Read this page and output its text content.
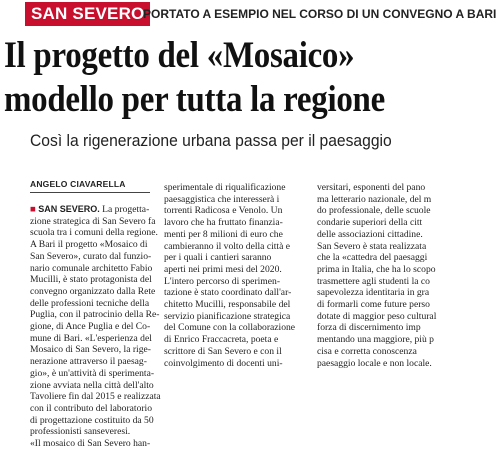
SAN SEVERO
PORTATO A ESEMPIO NEL CORSO DI UN CONVEGNO A BARI
Il progetto del «Mosaico»
modello per tutta la regione
Così la rigenerazione urbana passa per il paesaggio
ANGELO CIAVARELLA
■ SAN SEVERO. La progetta-
zione strategica di San Severo fa
scuola tra i comuni della regione.
A Bari il progetto «Mosaico di
San Severo», curato dal funzio-
nario comunale architetto Fabio
Mucilli, è stato protagonista del
convegno organizzato dalla Rete
delle professioni tecniche della
Puglia, con il patrocinio della Re-
gione, di Ance Puglia e del Co-
mune di Bari. «L'esperienza del
Mosaico di San Severo, la rige-
nerazione attraverso il paesag-
gio», è un'attività di sperimenta-
zione avviata nella città dell'alto
Tavoliere fin dal 2015 e realizzata
con il contributo del laboratorio
di progettazione costituito da 50
professionisti sanseveresi.
«Il mosaico di San Severo han-
sperimentale di riqualificazione
paesaggistica che interesserà i
torrenti Radicosa e Venolo. Un
lavoro che ha fruttato finanzia-
menti per 8 milioni di euro che
cambieranno il volto della città e
per i quali i cantieri saranno
aperti nei primi mesi del 2020.
L'intero percorso di sperimen-
tazione è stato coordinato dall'ar-
chitetto Mucilli, responsabile del
servizio pianificazione strategica
del Comune con la collaborazione
di Enrico Fraccacreta, poeta e
scrittore di San Severo e con il
coinvolgimento di docenti uni-
versitari, esponenti del pano
ma letterario nazionale, del m
do professionale, delle scuole
condarie superiori della citt
delle associazioni cittadine.
San Severo è stata realizzata
che la «cattedra del paesaggi
prima in Italia, che ha lo scopo
trasmettere agli studenti la co
sapevolezza identitaria in gra
di formarli come future perso
dotate di maggior peso cultural
forza di discernimento imp
mentando una maggiore, più p
cisa e corretta conoscenza
paesaggio locale e non locale.
